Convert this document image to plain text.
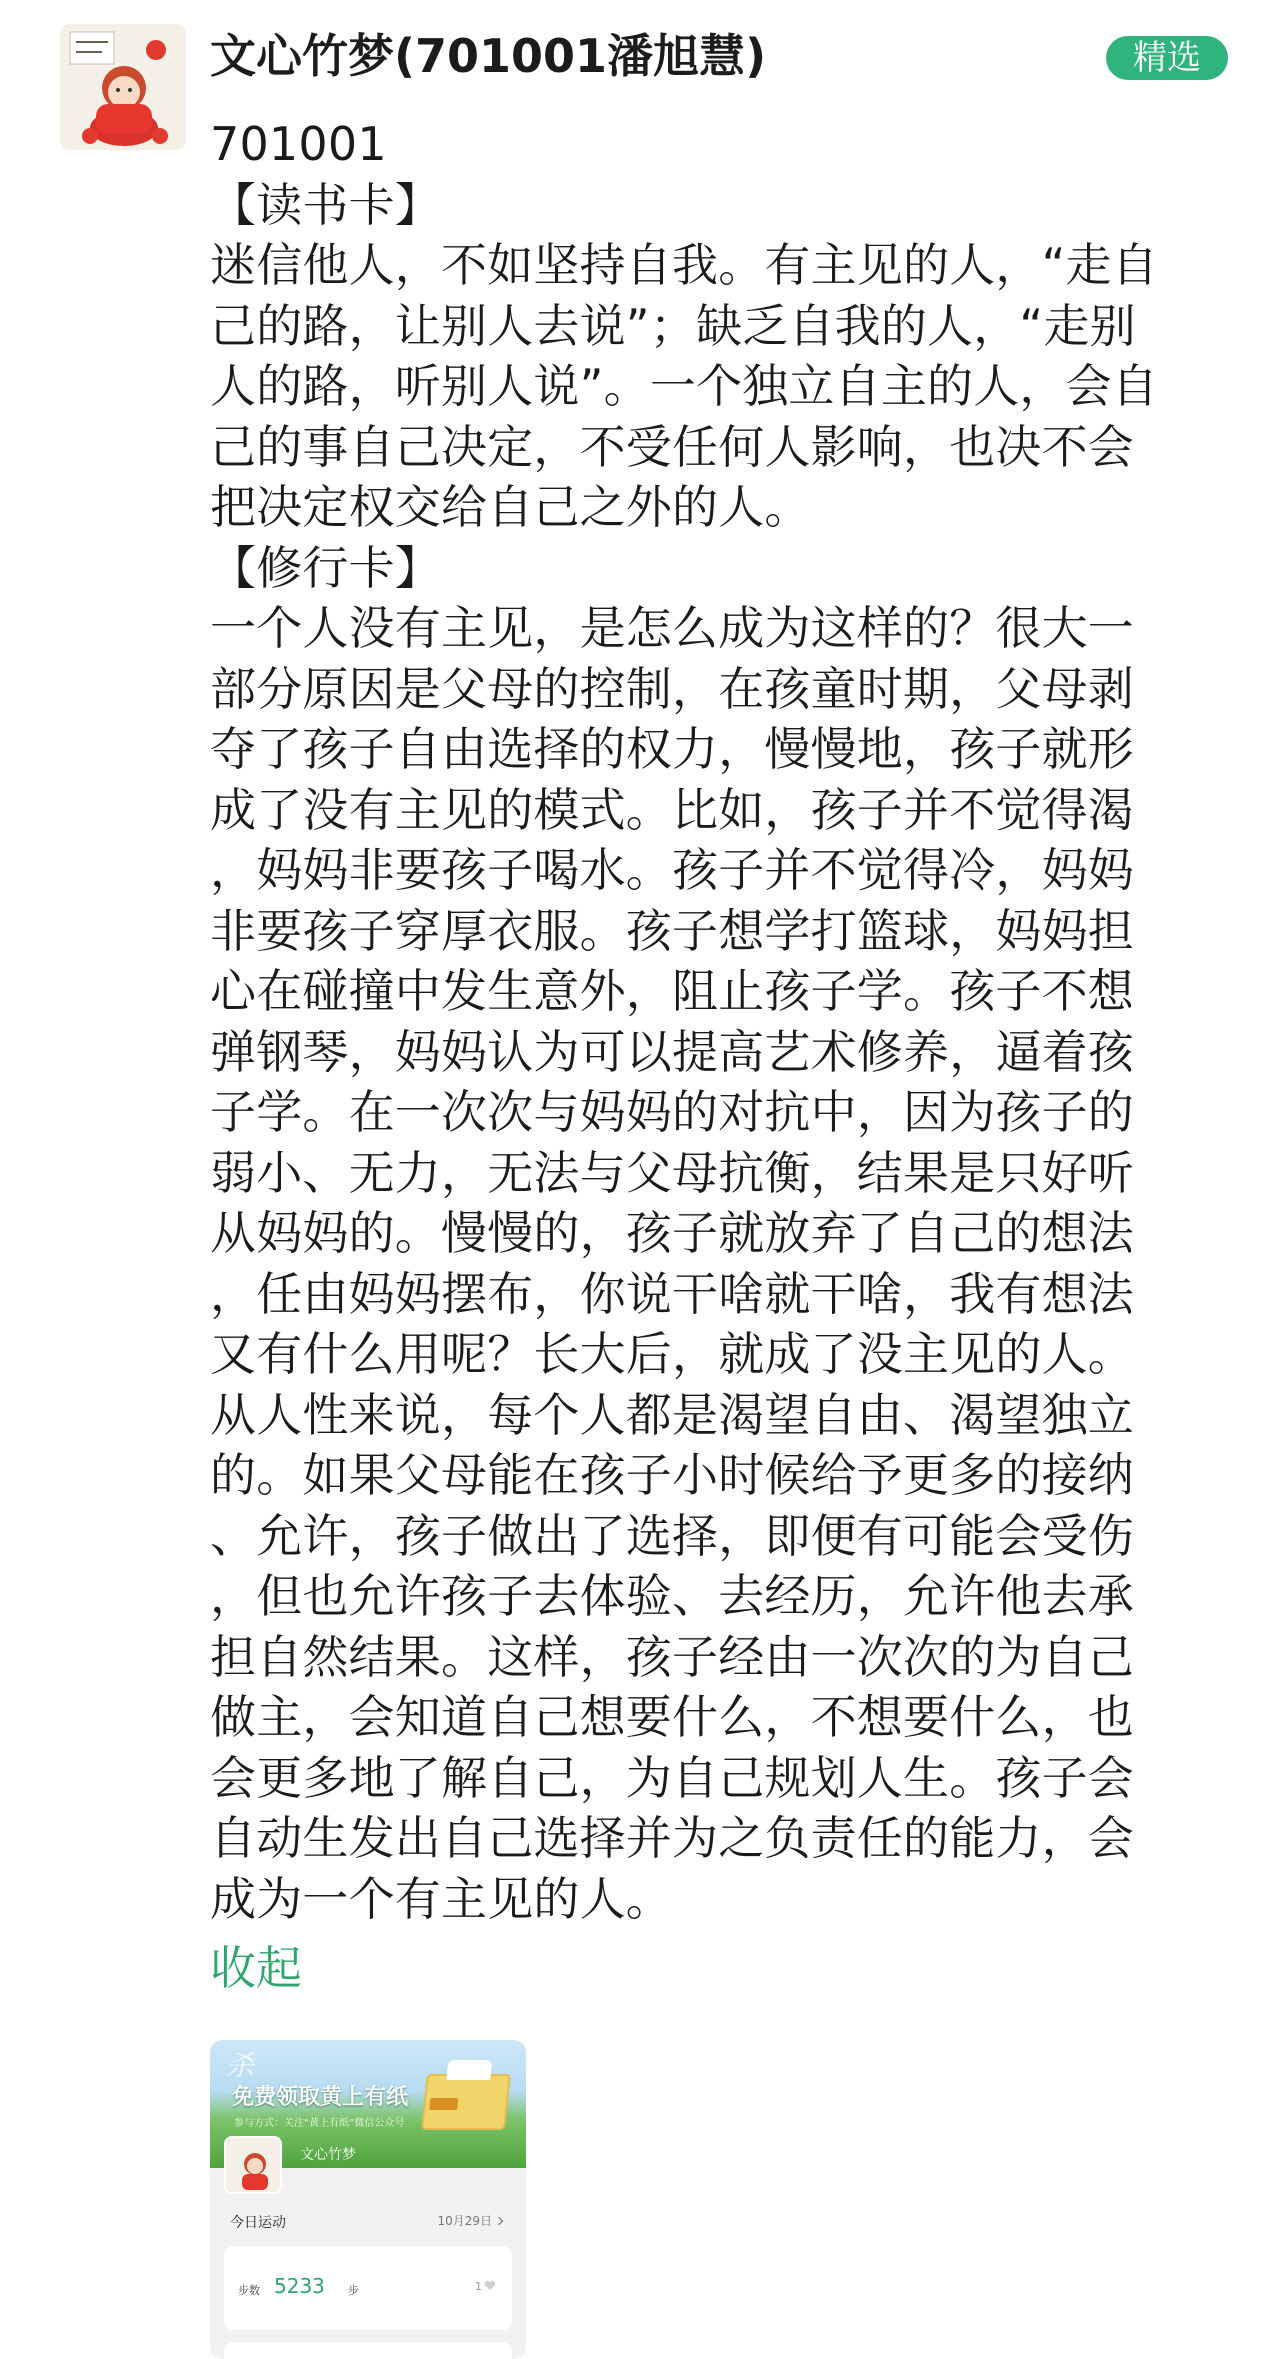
文心竹梦(701001潘旭慧)	精选
701001
【读书卡】
迷信他人，不如坚持自我。有主见的人，“走自
己的路，让别人去说”；缺乏自我的人，“走别
人的路，听别人说”。一个独立自主的人，会自
己的事自己决定，不受任何人影响，也决不会
把决定权交给自己之外的人。
【修行卡】
一个人没有主见，是怎么成为这样的？很大一
部分原因是父母的控制，在孩童时期，父母剥
夺了孩子自由选择的权力，慢慢地，孩子就形
成了没有主见的模式。比如，孩子并不觉得渴
，妈妈非要孩子喝水。孩子并不觉得冷，妈妈
非要孩子穿厚衣服。孩子想学打篮球，妈妈担
心在碰撞中发生意外，阻止孩子学。孩子不想
弹钢琴，妈妈认为可以提高艺术修养，逼着孩
子学。在一次次与妈妈的对抗中，因为孩子的
弱小、无力，无法与父母抗衡，结果是只好听
从妈妈的。慢慢的，孩子就放弃了自己的想法
，任由妈妈摆布，你说干啥就干啥，我有想法
又有什么用呢？长大后，就成了没主见的人。
从人性来说，每个人都是渴望自由、渴望独立
的。如果父母能在孩子小时候给予更多的接纳
、允许，孩子做出了选择，即便有可能会受伤
，但也允许孩子去体验、去经历，允许他去承
担自然结果。这样，孩子经由一次次的为自己
做主，会知道自己想要什么，不想要什么，也
会更多地了解自己，为自己规划人生。孩子会
自动生发出自己选择并为之负责任的能力，会
成为一个有主见的人。
收起
杀
免费领取黄上有纸
参与方式：关注“黄上有纸”微信公众号
文心竹梦
今日运动	10月29日
步数 5233 步	1
